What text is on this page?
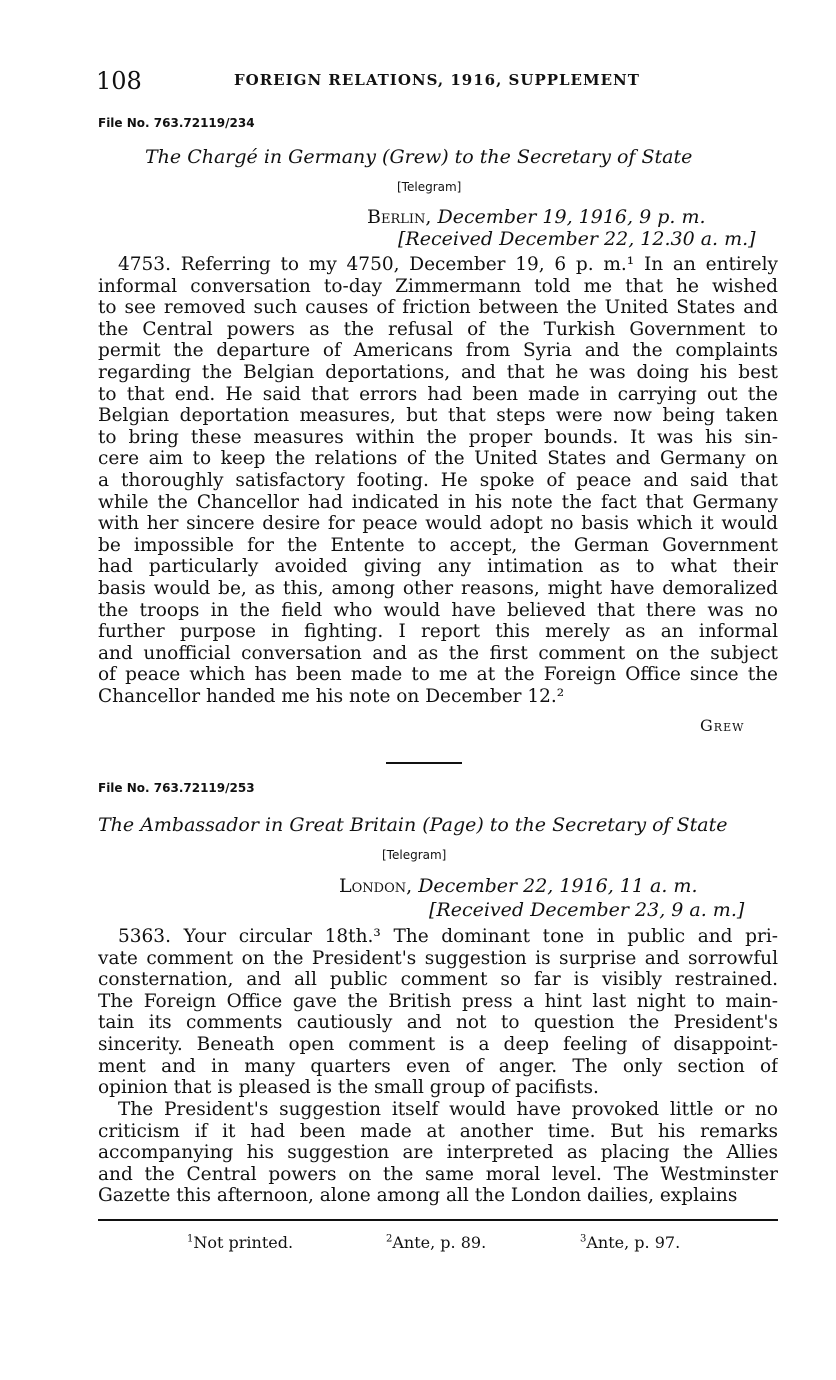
108	FOREIGN RELATIONS, 1916, SUPPLEMENT
File No. 763.72119/234
The Chargé in Germany (Grew) to the Secretary of State
[Telegram]
Berlin, December 19, 1916, 9 p. m.
[Received December 22, 12.30 a. m.]
4753. Referring to my 4750, December 19, 6 p. m.¹ In an entirely
informal conversation to-day Zimmermann told me that he wished
to see removed such causes of friction between the United States and
the Central powers as the refusal of the Turkish Government to
permit the departure of Americans from Syria and the complaints
regarding the Belgian deportations, and that he was doing his best
to that end. He said that errors had been made in carrying out the
Belgian deportation measures, but that steps were now being taken
to bring these measures within the proper bounds. It was his sin-
cere aim to keep the relations of the United States and Germany on
a thoroughly satisfactory footing. He spoke of peace and said that
while the Chancellor had indicated in his note the fact that Germany
with her sincere desire for peace would adopt no basis which it would
be impossible for the Entente to accept, the German Government
had particularly avoided giving any intimation as to what their
basis would be, as this, among other reasons, might have demoralized
the troops in the field who would have believed that there was no
further purpose in fighting. I report this merely as an informal
and unofficial conversation and as the first comment on the subject
of peace which has been made to me at the Foreign Office since the
Chancellor handed me his note on December 12.²
Grew
File No. 763.72119/253
The Ambassador in Great Britain (Page) to the Secretary of State
[Telegram]
London, December 22, 1916, 11 a. m.
[Received December 23, 9 a. m.]
5363. Your circular 18th.³ The dominant tone in public and pri-
vate comment on the President's suggestion is surprise and sorrowful
consternation, and all public comment so far is visibly restrained.
The Foreign Office gave the British press a hint last night to main-
tain its comments cautiously and not to question the President's
sincerity. Beneath open comment is a deep feeling of disappoint-
ment and in many quarters even of anger. The only section of
opinion that is pleased is the small group of pacifists.
The President's suggestion itself would have provoked little or no
criticism if it had been made at another time. But his remarks
accompanying his suggestion are interpreted as placing the Allies
and the Central powers on the same moral level. The Westminster
Gazette this afternoon, alone among all the London dailies, explains
$^1$Not printed.	$^2$Ante, p. 89.	$^3$Ante, p. 97.
